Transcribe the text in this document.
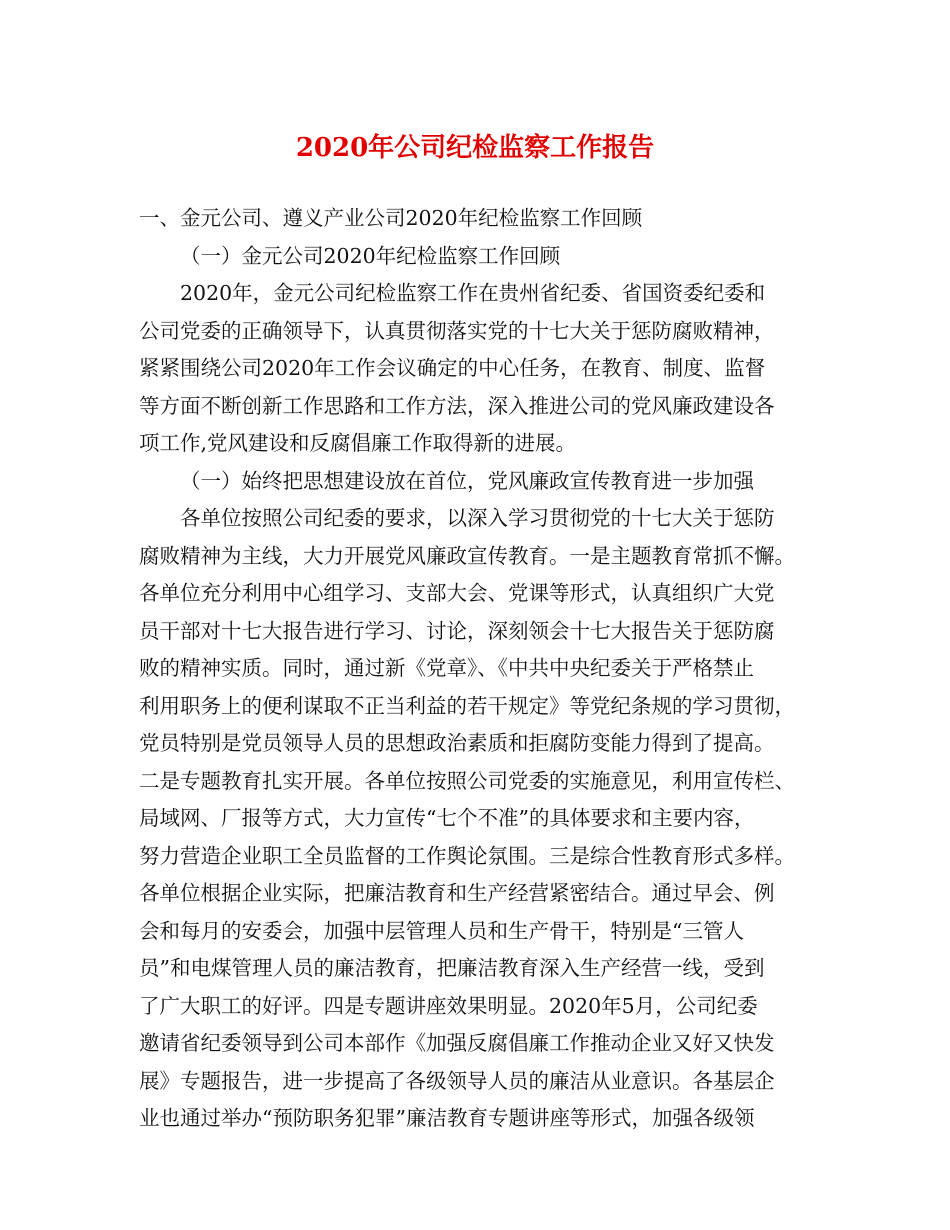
2020年公司纪检监察工作报告
一、金元公司、遵义产业公司2020年纪检监察工作回顾
（一）金元公司2020年纪检监察工作回顾
2020年，金元公司纪检监察工作在贵州省纪委、省国资委纪委和
公司党委的正确领导下，认真贯彻落实党的十七大关于惩防腐败精神，
紧紧围绕公司2020年工作会议确定的中心任务，在教育、制度、监督
等方面不断创新工作思路和工作方法，深入推进公司的党风廉政建设各
项工作,党风建设和反腐倡廉工作取得新的进展。
（一）始终把思想建设放在首位，党风廉政宣传教育进一步加强
各单位按照公司纪委的要求，以深入学习贯彻党的十七大关于惩防
腐败精神为主线，大力开展党风廉政宣传教育。一是主题教育常抓不懈。
各单位充分利用中心组学习、支部大会、党课等形式，认真组织广大党
员干部对十七大报告进行学习、讨论，深刻领会十七大报告关于惩防腐
败的精神实质。同时，通过新《党章》、《中共中央纪委关于严格禁止
利用职务上的便利谋取不正当利益的若干规定》等党纪条规的学习贯彻，
党员特别是党员领导人员的思想政治素质和拒腐防变能力得到了提高。
二是专题教育扎实开展。各单位按照公司党委的实施意见，利用宣传栏、
局域网、厂报等方式，大力宣传“七个不准”的具体要求和主要内容，
努力营造企业职工全员监督的工作舆论氛围。三是综合性教育形式多样。
各单位根据企业实际，把廉洁教育和生产经营紧密结合。通过早会、例
会和每月的安委会，加强中层管理人员和生产骨干，特别是“三管人
员”和电煤管理人员的廉洁教育，把廉洁教育深入生产经营一线，受到
了广大职工的好评。四是专题讲座效果明显。2020年5月，公司纪委
邀请省纪委领导到公司本部作《加强反腐倡廉工作推动企业又好又快发
展》专题报告，进一步提高了各级领导人员的廉洁从业意识。各基层企
业也通过举办“预防职务犯罪”廉洁教育专题讲座等形式，加强各级领
